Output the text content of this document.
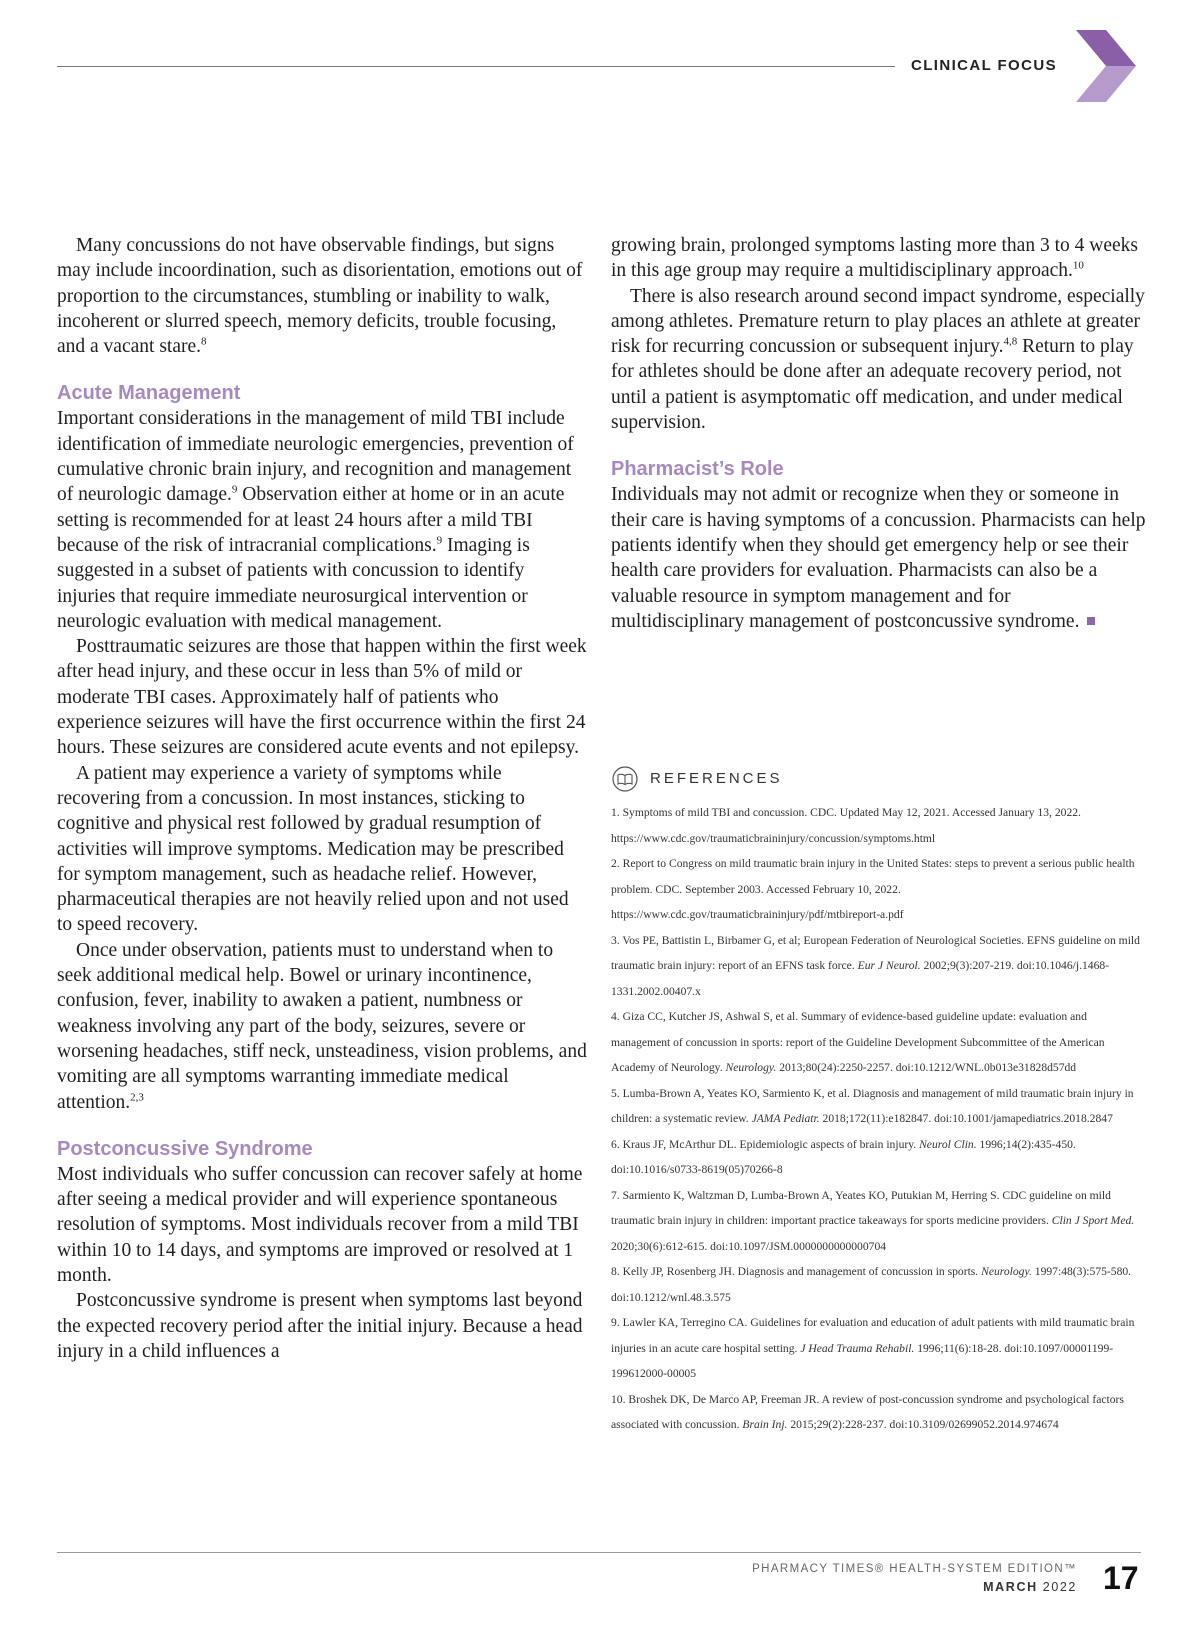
CLINICAL FOCUS

Many concussions do not have observable findings, but signs may include incoordination, such as disorientation, emotions out of proportion to the circumstances, stumbling or inability to walk, incoherent or slurred speech, memory deficits, trouble focusing, and a vacant stare.$^8$

Acute Management

Important considerations in the management of mild TBI include identification of immediate neurologic emergencies, prevention of cumulative chronic brain injury, and recognition and management of neurologic damage.$^9$ Observation either at home or in an acute setting is recommended for at least 24 hours after a mild TBI because of the risk of intracranial complications.$^9$ Imaging is suggested in a subset of patients with concussion to identify injuries that require immediate neurosurgical intervention or neurologic evaluation with medical management.

Posttraumatic seizures are those that happen within the first week after head injury, and these occur in less than 5% of mild or moderate TBI cases. Approximately half of patients who experience seizures will have the first occurrence within the first 24 hours. These seizures are considered acute events and not epilepsy.

A patient may experience a variety of symptoms while recovering from a concussion. In most instances, sticking to cognitive and physical rest followed by gradual resumption of activities will improve symptoms. Medication may be prescribed for symptom management, such as headache relief. However, pharmaceutical therapies are not heavily relied upon and not used to speed recovery.

Once under observation, patients must to understand when to seek additional medical help. Bowel or urinary incontinence, confusion, fever, inability to awaken a patient, numbness or weakness involving any part of the body, seizures, severe or worsening headaches, stiff neck, unsteadiness, vision problems, and vomiting are all symptoms warranting immediate medical attention.$^{2,3}$

Postconcussive Syndrome

Most individuals who suffer concussion can recover safely at home after seeing a medical provider and will experience spontaneous resolution of symptoms. Most individuals recover from a mild TBI within 10 to 14 days, and symptoms are improved or resolved at 1 month.

Postconcussive syndrome is present when symptoms last beyond the expected recovery period after the initial injury. Because a head injury in a child influences a

growing brain, prolonged symptoms lasting more than 3 to 4 weeks in this age group may require a multidisciplinary approach.$^{10}$

There is also research around second impact syndrome, especially among athletes. Premature return to play places an athlete at greater risk for recurring concussion or subsequent injury.$^{4,8}$ Return to play for athletes should be done after an adequate recovery period, not until a patient is asymptomatic off medication, and under medical supervision.

Pharmacist’s Role

Individuals may not admit or recognize when they or someone in their care is having symptoms of a concussion. Pharmacists can help patients identify when they should get emergency help or see their health care providers for evaluation. Pharmacists can also be a valuable resource in symptom management and for multidisciplinary management of postconcussive syndrome.

REFERENCES
1. Symptoms of mild TBI and concussion. CDC. Updated May 12, 2021. Accessed January 13, 2022. https://www.cdc.gov/traumaticbraininjury/concussion/symptoms.html
2. Report to Congress on mild traumatic brain injury in the United States: steps to prevent a serious public health problem. CDC. September 2003. Accessed February 10, 2022. https://www.cdc.gov/traumaticbraininjury/pdf/mtbireport-a.pdf
3. Vos PE, Battistin L, Birbamer G, et al; European Federation of Neurological Societies. EFNS guideline on mild traumatic brain injury: report of an EFNS task force. Eur J Neurol. 2002;9(3):207-219. doi:10.1046/j.1468-1331.2002.00407.x
4. Giza CC, Kutcher JS, Ashwal S, et al. Summary of evidence-based guideline update: evaluation and management of concussion in sports: report of the Guideline Development Subcommittee of the American Academy of Neurology. Neurology. 2013;80(24):2250-2257. doi:10.1212/WNL.0b013e31828d57dd
5. Lumba-Brown A, Yeates KO, Sarmiento K, et al. Diagnosis and management of mild traumatic brain injury in children: a systematic review. JAMA Pediatr. 2018;172(11):e182847. doi:10.1001/jamapediatrics.2018.2847
6. Kraus JF, McArthur DL. Epidemiologic aspects of brain injury. Neurol Clin. 1996;14(2):435-450. doi:10.1016/s0733-8619(05)70266-8
7. Sarmiento K, Waltzman D, Lumba-Brown A, Yeates KO, Putukian M, Herring S. CDC guideline on mild traumatic brain injury in children: important practice takeaways for sports medicine providers. Clin J Sport Med. 2020;30(6):612-615. doi:10.1097/JSM.0000000000000704
8. Kelly JP, Rosenberg JH. Diagnosis and management of concussion in sports. Neurology. 1997:48(3):575-580. doi:10.1212/wnl.48.3.575
9. Lawler KA, Terregino CA. Guidelines for evaluation and education of adult patients with mild traumatic brain injuries in an acute care hospital setting. J Head Trauma Rehabil. 1996;11(6):18-28. doi:10.1097/00001199-199612000-00005
10. Broshek DK, De Marco AP, Freeman JR. A review of post-concussion syndrome and psychological factors associated with concussion. Brain Inj. 2015;29(2):228-237. doi:10.3109/02699052.2014.974674
PHARMACY TIMES® HEALTH-SYSTEM EDITION™
MARCH 2022 17
